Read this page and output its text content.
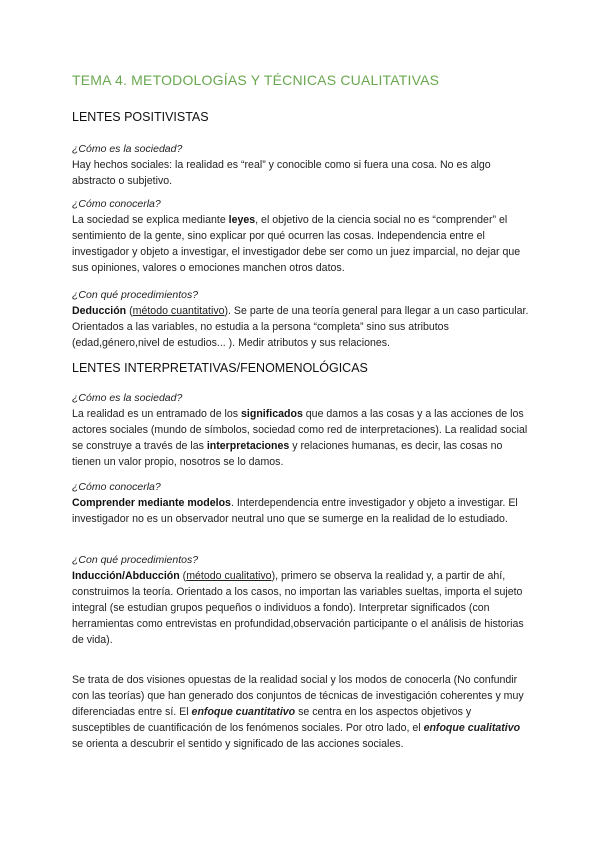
TEMA 4. METODOLOGÍAS Y TÉCNICAS CUALITATIVAS
LENTES POSITIVISTAS

¿Cómo es la sociedad?

Hay hechos sociales: la realidad es “real” y conocible como si fuera una cosa. No es algo abstracto o subjetivo.

¿Cómo conocerla?

La sociedad se explica mediante leyes, el objetivo de la ciencia social no es “comprender” el sentimiento de la gente, sino explicar por qué ocurren las cosas. Independencia entre el investigador y objeto a investigar, el investigador debe ser como un juez imparcial, no dejar que sus opiniones, valores o emociones manchen otros datos.

¿Con qué procedimientos?

Deducción (método cuantitativo). Se parte de una teoría general para llegar a un caso particular. Orientados a las variables, no estudia a la persona “completa” sino sus atributos (edad,género,nivel de estudios... ). Medir atributos y sus relaciones.

LENTES INTERPRETATIVAS/FENOMENOLÓGICAS

¿Cómo es la sociedad?

La realidad es un entramado de los significados que damos a las cosas y a las acciones de los actores sociales (mundo de símbolos, sociedad como red de interpretaciones). La realidad social se construye a través de las interpretaciones y relaciones humanas, es decir, las cosas no tienen un valor propio, nosotros se lo damos.

¿Cómo conocerla?

Comprender mediante modelos. Interdependencia entre investigador y objeto a investigar. El investigador no es un observador neutral uno que se sumerge en la realidad de lo estudiado.

¿Con qué procedimientos?

Inducción/Abducción (método cualitativo), primero se observa la realidad y, a partir de ahí, construimos la teoría. Orientado a los casos, no importan las variables sueltas, importa el sujeto integral (se estudian grupos pequeños o individuos a fondo). Interpretar significados (con herramientas como entrevistas en profundidad,observación participante o el análisis de historias de vida).

Se trata de dos visiones opuestas de la realidad social y los modos de conocerla (No confundir con las teorías) que han generado dos conjuntos de técnicas de investigación coherentes y muy diferenciadas entre sí. El enfoque cuantitativo se centra en los aspectos objetivos y susceptibles de cuantificación de los fenómenos sociales. Por otro lado, el enfoque cualitativo se orienta a descubrir el sentido y significado de las acciones sociales.
